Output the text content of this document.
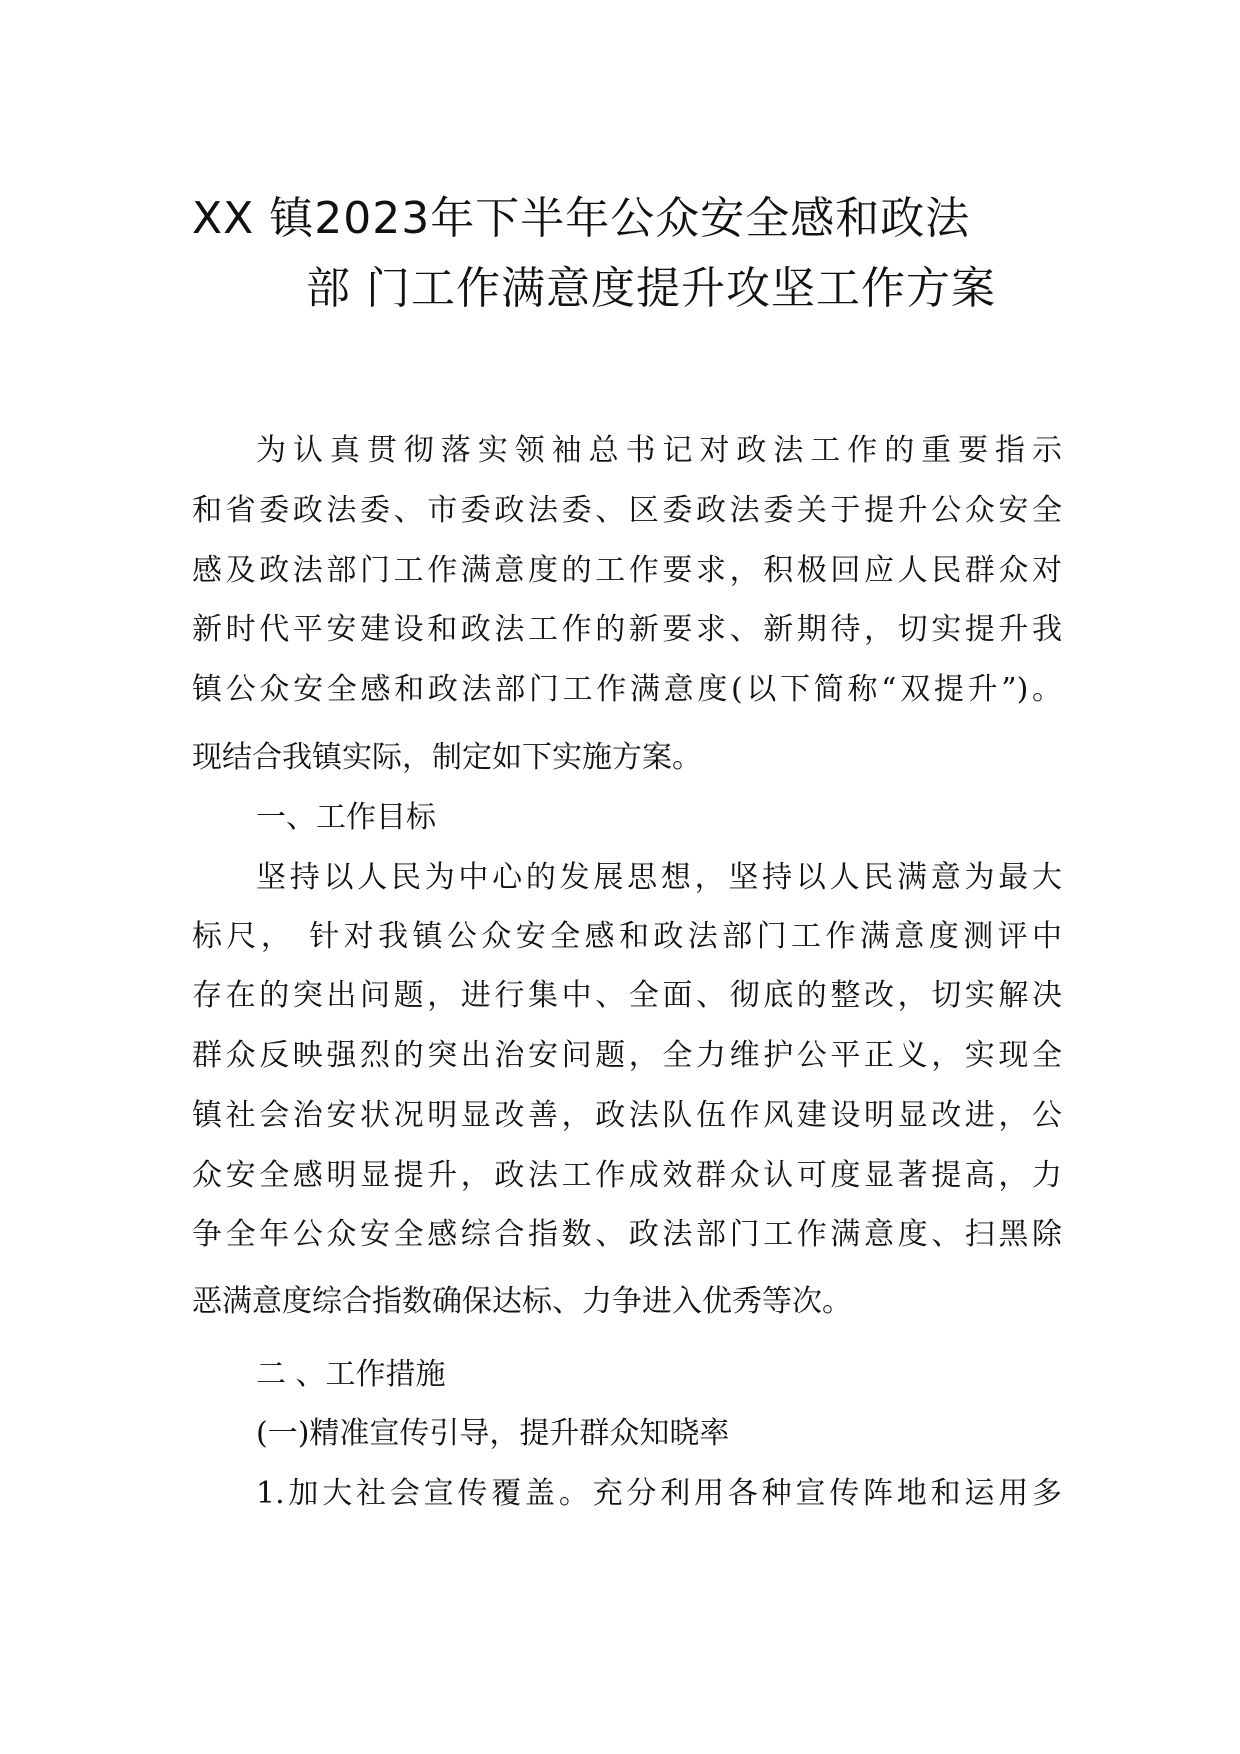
XX 镇2023年下半年公众安全感和政法
部 门工作满意度提升攻坚工作方案
为认真贯彻落实领袖总书记对政法工作的重要指示
和省委政法委、市委政法委、区委政法委关于提升公众安全
感及政法部门工作满意度的工作要求，积极回应人民群众对
新时代平安建设和政法工作的新要求、新期待，切实提升我
镇公众安全感和政法部门工作满意度(以下简称“双提升”)。
现结合我镇实际，制定如下实施方案。
一、工作目标
坚持以人民为中心的发展思想，坚持以人民满意为最大
标尺， 针对我镇公众安全感和政法部门工作满意度测评中
存在的突出问题，进行集中、全面、彻底的整改，切实解决
群众反映强烈的突出治安问题，全力维护公平正义，实现全
镇社会治安状况明显改善，政法队伍作风建设明显改进，公
众安全感明显提升，政法工作成效群众认可度显著提高，力
争全年公众安全感综合指数、政法部门工作满意度、扫黑除
恶满意度综合指数确保达标、力争进入优秀等次。
二 、工作措施
(一)精准宣传引导，提升群众知晓率
1.加大社会宣传覆盖。充分利用各种宣传阵地和运用多
